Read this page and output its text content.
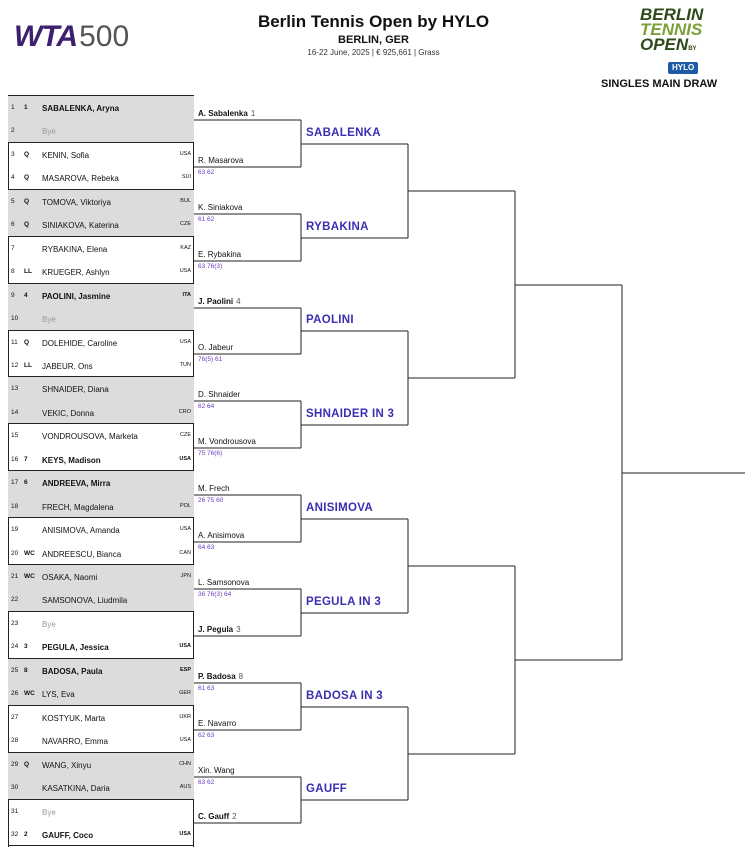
WTA500	Berlin Tennis Open by HYLO
BERLIN, GER
16-22 June, 2025 | € 925,661 | Grass
BERLIN
TENNIS
OPENBY
HYLO
SINGLES MAIN DRAW
1 1 SABALENKA, Aryna
2	Bye
3 Q KENIN, Sofia	USA
4 Q MASAROVA, Rebeka	SUI
5 Q TOMOVA, Viktoriya	BUL
6 Q SINIAKOVA, Katerina	CZE
7	RYBAKINA, Elena	KAZ
8 LL KRUEGER, Ashlyn	USA
9 4 PAOLINI, Jasmine	ITA
10	Bye
11 Q DOLEHIDE, Caroline	USA
12 LL JABEUR, Ons	TUN
13	SHNAIDER, Diana
14	VEKIC, Donna	CRO
15	VONDROUSOVA, Marketa	CZE
16 7 KEYS, Madison	USA
17 6 ANDREEVA, Mirra
18	FRECH, Magdalena	POL
19	ANISIMOVA, Amanda	USA
20 WC ANDREESCU, Bianca	CAN
21 WC OSAKA, Naomi	JPN
22	SAMSONOVA, Liudmila
23	Bye
24 3 PEGULA, Jessica	USA
25 8 BADOSA, Paula	ESP
26 WC LYS, Eva	GER
27	KOSTYUK, Marta	UKR
28	NAVARRO, Emma	USA
29 Q WANG, Xinyu	CHN
30	KASATKINA, Daria	AUS
31	Bye
32 2 GAUFF, Coco	USA
A. Sabalenka 1
R. Masarova
63 62
K. Siniakova
61 62
E. Rybakina
63 76(3)
J. Paolini 4
O. Jabeur
76(5) 61
D. Shnaider
62 64
M. Vondrousova
75 76(6)
M. Frech
26 75 60
A. Anisimova
64 63
L. Samsonova
36 76(3) 64
J. Pegula 3
P. Badosa 8
61 63
E. Navarro
62 63
Xin. Wang
63 62
C. Gauff 2
SABALENKA
RYBAKINA
PAOLINI
SHNAIDER IN 3
ANISIMOVA
PEGULA IN 3
BADOSA IN 3
GAUFF
